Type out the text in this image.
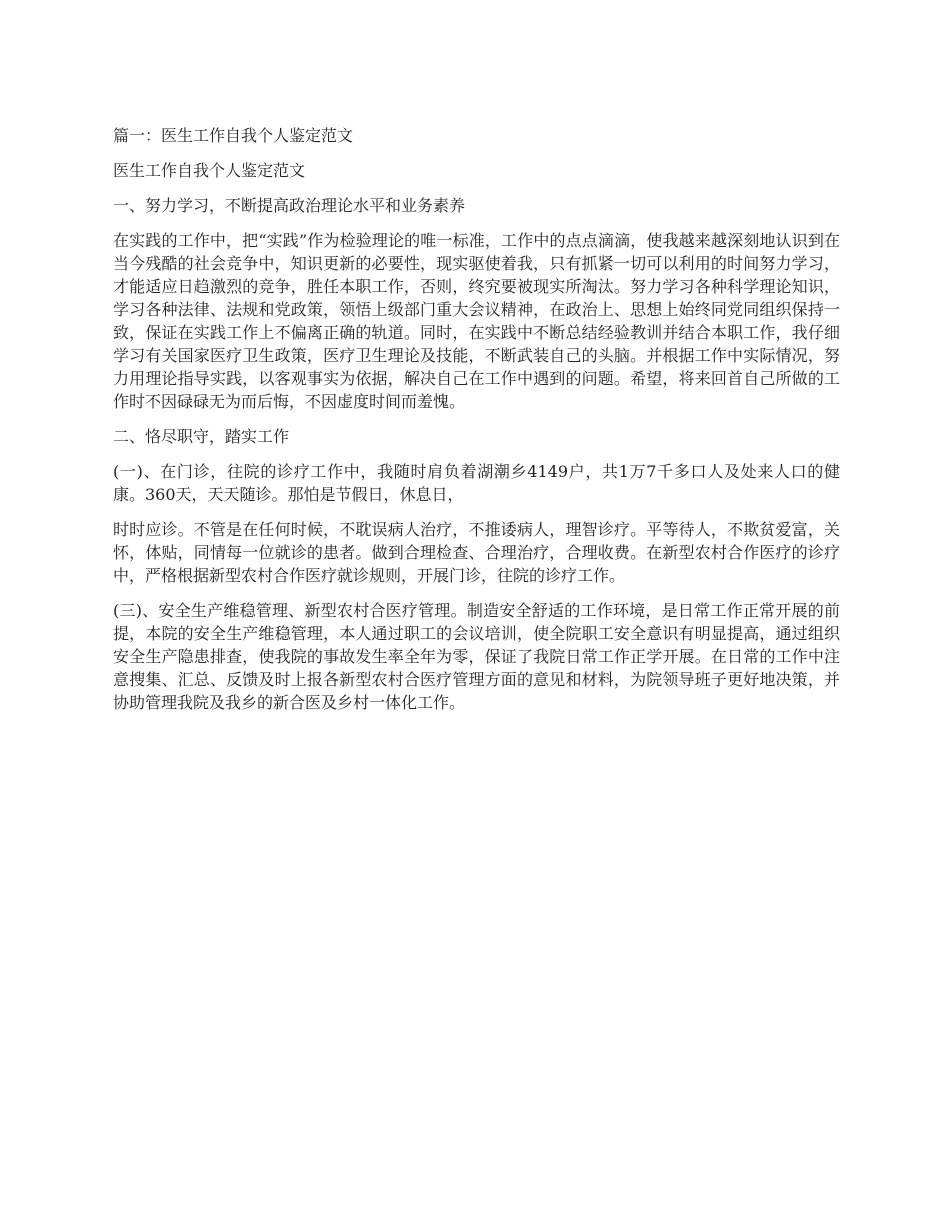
篇一：医生工作自我个人鉴定范文

医生工作自我个人鉴定范文

一、努力学习，不断提高政治理论水平和业务素养

在实践的工作中，把“实践”作为检验理论的唯一标准，工作中的点点滴滴，使我越来越深刻地认识到在当今残酷的社会竞争中，知识更新的必要性，现实驱使着我，只有抓紧一切可以利用的时间努力学习，才能适应日趋激烈的竞争，胜任本职工作，否则，终究要被现实所淘汰。努力学习各种科学理论知识，学习各种法律、法规和党政策，领悟上级部门重大会议精神，在政治上、思想上始终同党同组织保持一致，保证在实践工作上不偏离正确的轨道。同时，在实践中不断总结经验教训并结合本职工作，我仔细学习有关国家医疗卫生政策，医疗卫生理论及技能，不断武装自己的头脑。并根据工作中实际情况，努力用理论指导实践，以客观事实为依据，解决自己在工作中遇到的问题。希望，将来回首自己所做的工作时不因碌碌无为而后悔，不因虚度时间而羞愧。

二、恪尽职守，踏实工作

(一)、在门诊，往院的诊疗工作中，我随时肩负着湖潮乡4149户，共1万7千多口人及处来人口的健康。360天，天天随诊。那怕是节假日，休息日，

时时应诊。不管是在任何时候，不耽误病人治疗，不推诿病人，理智诊疗。平等待人，不欺贫爱富，关怀，体贴，同情每一位就诊的患者。做到合理检查、合理治疗，合理收费。在新型农村合作医疗的诊疗中，严格根据新型农村合作医疗就诊规则，开展门诊，往院的诊疗工作。

(三)、安全生产维稳管理、新型农村合医疗管理。制造安全舒适的工作环境，是日常工作正常开展的前提，本院的安全生产维稳管理，本人通过职工的会议培训，使全院职工安全意识有明显提高，通过组织安全生产隐患排查，使我院的事故发生率全年为零，保证了我院日常工作正学开展。在日常的工作中注意搜集、汇总、反馈及时上报各新型农村合医疗管理方面的意见和材料，为院领导班子更好地决策，并协助管理我院及我乡的新合医及乡村一体化工作。
